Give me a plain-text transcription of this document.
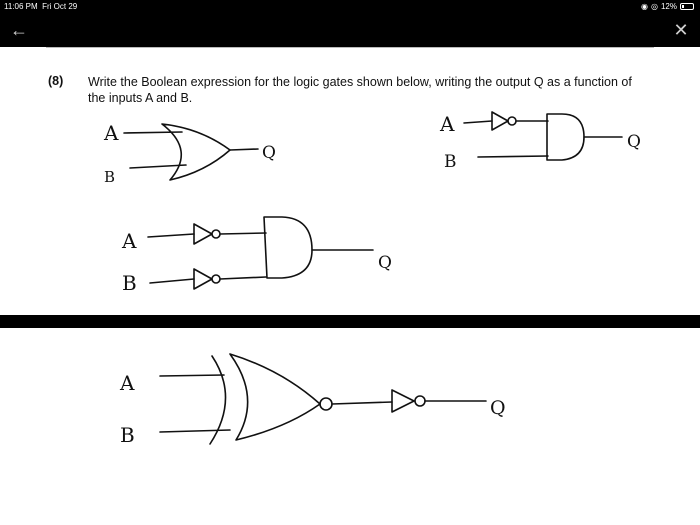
11:06 PM Fri Oct 29	◉ ◎ 12%
←	✕
(8) Write the Boolean expression for the logic gates shown below, writing the output Q as a function of the inputs A and B.
A
B
Q
A
B
Q
A
B
Q
A
B
Q
